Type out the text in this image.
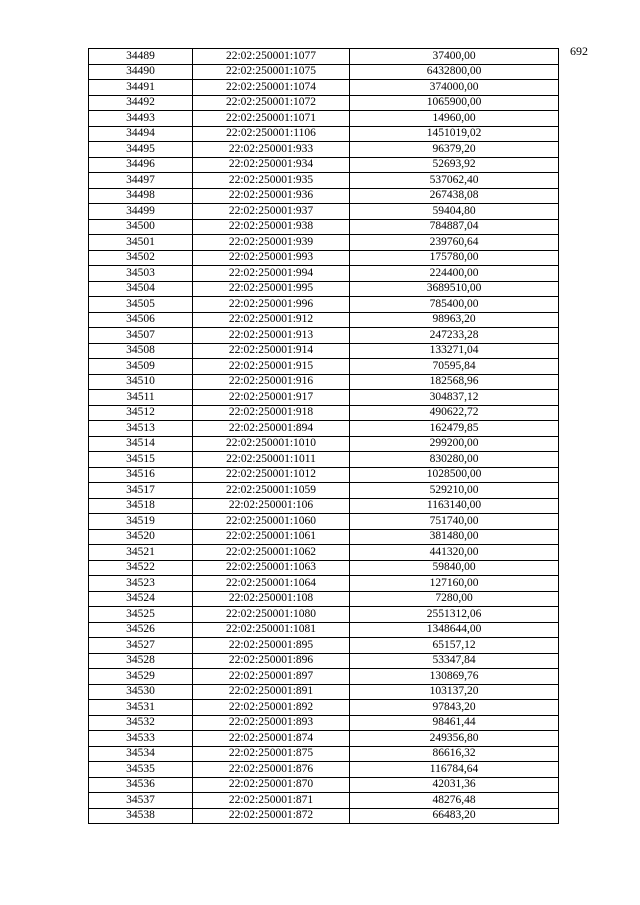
692
34489	22:02:250001:1077	37400,00
34490	22:02:250001:1075	6432800,00
34491	22:02:250001:1074	374000,00
34492	22:02:250001:1072	1065900,00
34493	22:02:250001:1071	14960,00
34494	22:02:250001:1106	1451019,02
34495	22:02:250001:933	96379,20
34496	22:02:250001:934	52693,92
34497	22:02:250001:935	537062,40
34498	22:02:250001:936	267438,08
34499	22:02:250001:937	59404,80
34500	22:02:250001:938	784887,04
34501	22:02:250001:939	239760,64
34502	22:02:250001:993	175780,00
34503	22:02:250001:994	224400,00
34504	22:02:250001:995	3689510,00
34505	22:02:250001:996	785400,00
34506	22:02:250001:912	98963,20
34507	22:02:250001:913	247233,28
34508	22:02:250001:914	133271,04
34509	22:02:250001:915	70595,84
34510	22:02:250001:916	182568,96
34511	22:02:250001:917	304837,12
34512	22:02:250001:918	490622,72
34513	22:02:250001:894	162479,85
34514	22:02:250001:1010	299200,00
34515	22:02:250001:1011	830280,00
34516	22:02:250001:1012	1028500,00
34517	22:02:250001:1059	529210,00
34518	22:02:250001:106	1163140,00
34519	22:02:250001:1060	751740,00
34520	22:02:250001:1061	381480,00
34521	22:02:250001:1062	441320,00
34522	22:02:250001:1063	59840,00
34523	22:02:250001:1064	127160,00
34524	22:02:250001:108	7280,00
34525	22:02:250001:1080	2551312,06
34526	22:02:250001:1081	1348644,00
34527	22:02:250001:895	65157,12
34528	22:02:250001:896	53347,84
34529	22:02:250001:897	130869,76
34530	22:02:250001:891	103137,20
34531	22:02:250001:892	97843,20
34532	22:02:250001:893	98461,44
34533	22:02:250001:874	249356,80
34534	22:02:250001:875	86616,32
34535	22:02:250001:876	116784,64
34536	22:02:250001:870	42031,36
34537	22:02:250001:871	48276,48
34538	22:02:250001:872	66483,20
